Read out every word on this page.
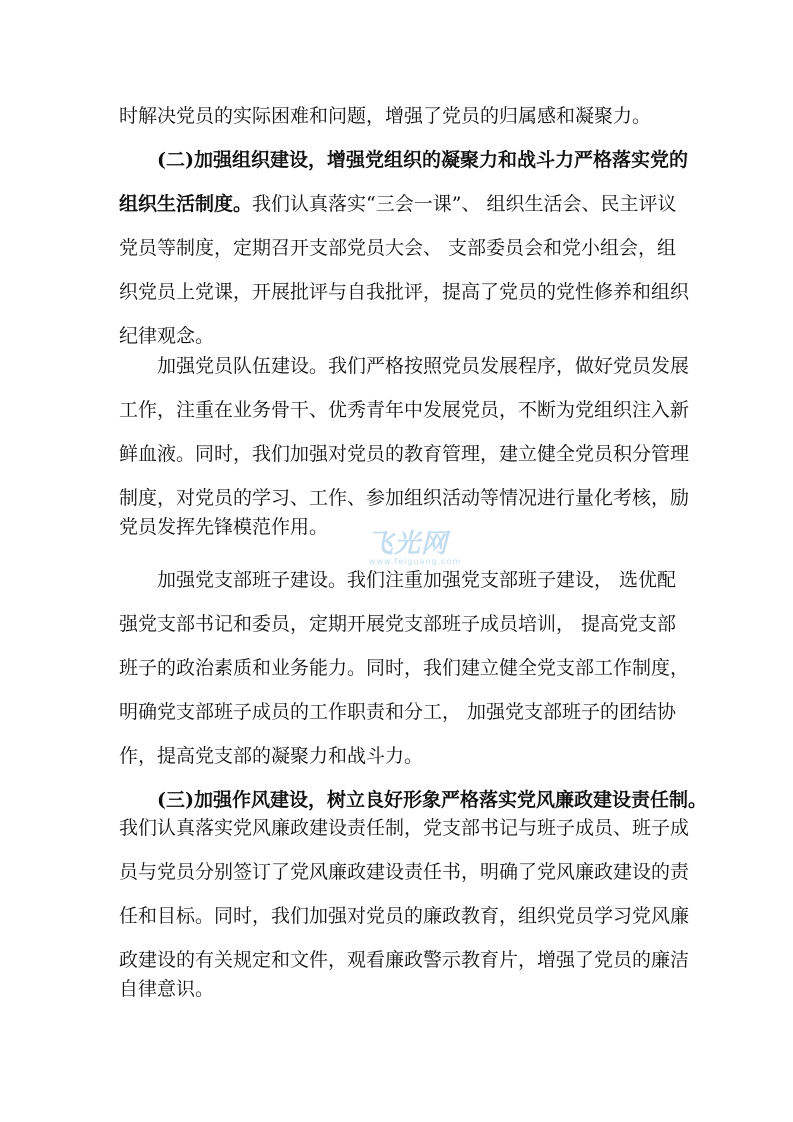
时解决党员的实际困难和问题，增强了党员的归属感和凝聚力。
(二)加强组织建设，增强党组织的凝聚力和战斗力严格落实党的
组织生活制度。我们认真落实“三会一课”、 组织生活会、民主评议
党员等制度，定期召开支部党员大会、 支部委员会和党小组会，组
织党员上党课，开展批评与自我批评，提高了党员的党性修养和组织
纪律观念。
加强党员队伍建设。我们严格按照党员发展程序，做好党员发展
工作，注重在业务骨干、优秀青年中发展党员，不断为党组织注入新
鲜血液。同时，我们加强对党员的教育管理，建立健全党员积分管理
制度，对党员的学习、工作、参加组织活动等情况进行量化考核，励
党员发挥先锋模范作用。
加强党支部班子建设。我们注重加强党支部班子建设， 选优配
强党支部书记和委员，定期开展党支部班子成员培训， 提高党支部
班子的政治素质和业务能力。同时，我们建立健全党支部工作制度，
明确党支部班子成员的工作职责和分工， 加强党支部班子的团结协
作，提高党支部的凝聚力和战斗力。
(三)加强作风建设，树立良好形象严格落实党风廉政建设责任制。
我们认真落实党风廉政建设责任制，党支部书记与班子成员、班子成
员与党员分别签订了党风廉政建设责任书，明确了党风廉政建设的责
任和目标。同时，我们加强对党员的廉政教育，组织党员学习党风廉
政建设的有关规定和文件，观看廉政警示教育片，增强了党员的廉洁
自律意识。
飞光网
www.feiguang.com
